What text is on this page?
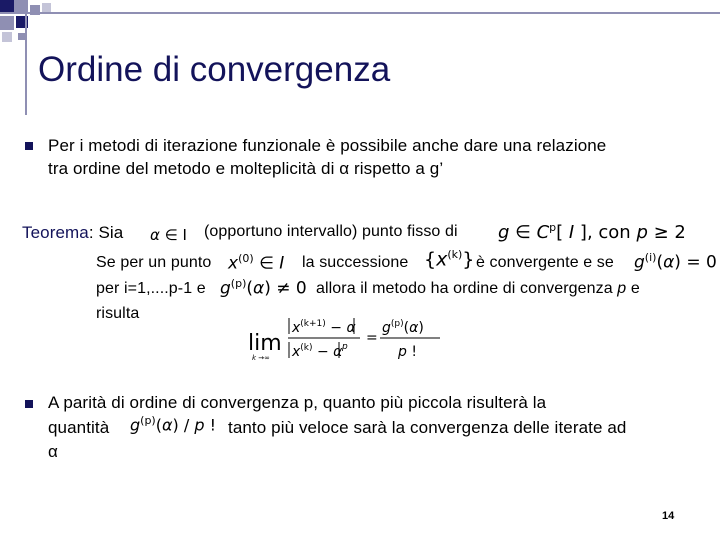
Ordine di convergenza
Per i metodi di iterazione funzionale è possibile anche dare una relazione
tra ordine del metodo e molteplicità di α rispetto a g’
Teorema: Sia α ∈ I (opportuno intervallo) punto fisso di g ∈ $C^p$[ I ], con p ≥ 2
Se per un punto $x^{(0)}$ ∈ I la successione $\{x^{(k)}\}$ è convergente e se $g^{(i)}(\alpha) = 0$
per i=1,....p-1 e $g^{(p)}(\alpha) \ne 0$ allora il metodo ha ordine di convergenza p e
risulta
lim
k →∞
$x^{(k+1)} - \alpha$
$x^{(k)} - \alpha$ p
=
$g^{(p)}(\alpha)$
p !
A parità di ordine di convergenza p, quanto più piccola risulterà la
quantità $g^{(p)}(\alpha)$ / p ! tanto più veloce sarà la convergenza delle iterate ad
α
14
